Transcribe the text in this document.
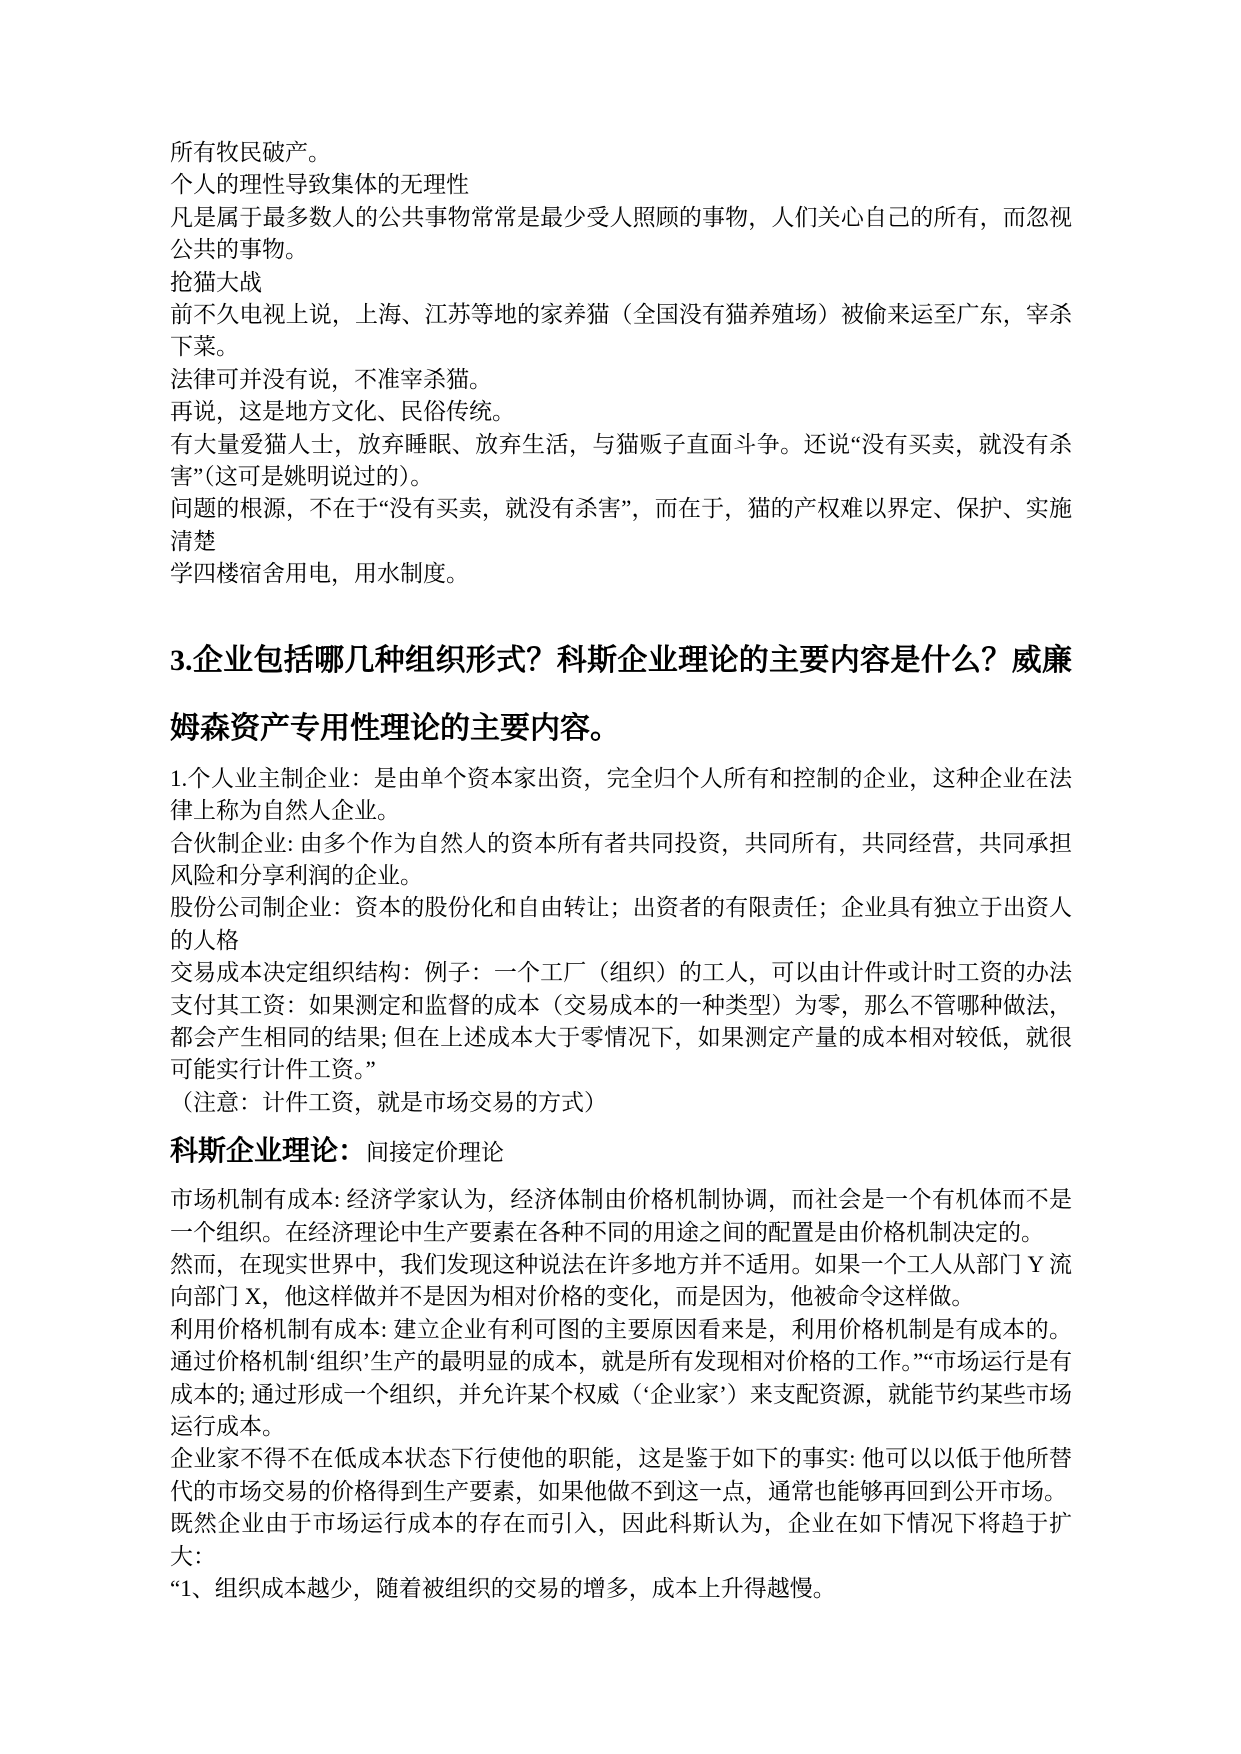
所有牧民破产。

个人的理性导致集体的无理性

凡是属于最多数人的公共事物常常是最少受人照顾的事物，人们关心自己的所有，而忽视公共的事物。

抢猫大战

前不久电视上说，上海、江苏等地的家养猫（全国没有猫养殖场）被偷来运至广东，宰杀下菜。

法律可并没有说，不准宰杀猫。

再说，这是地方文化、民俗传统。

有大量爱猫人士，放弃睡眠、放弃生活，与猫贩子直面斗争。还说“没有买卖，就没有杀害”（这可是姚明说过的）。

问题的根源，不在于“没有买卖，就没有杀害”，而在于，猫的产权难以界定、保护、实施清楚

学四楼宿舍用电，用水制度。

3.企业包括哪几种组织形式？科斯企业理论的主要内容是什么？威廉姆森资产专用性理论的主要内容。

1.个人业主制企业：是由单个资本家出资，完全归个人所有和控制的企业，这种企业在法律上称为自然人企业。

合伙制企业: 由多个作为自然人的资本所有者共同投资，共同所有，共同经营，共同承担风险和分享利润的企业。

股份公司制企业：资本的股份化和自由转让；出资者的有限责任；企业具有独立于出资人的人格

交易成本决定组织结构：例子：一个工厂（组织）的工人，可以由计件或计时工资的办法支付其工资：如果测定和监督的成本（交易成本的一种类型）为零，那么不管哪种做法，都会产生相同的结果; 但在上述成本大于零情况下，如果测定产量的成本相对较低，就很可能实行计件工资。”

（注意：计件工资，就是市场交易的方式）

科斯企业理论：间接定价理论

市场机制有成本: 经济学家认为，经济体制由价格机制协调，而社会是一个有机体而不是一个组织。在经济理论中生产要素在各种不同的用途之间的配置是由价格机制决定的。

然而，在现实世界中，我们发现这种说法在许多地方并不适用。如果一个工人从部门 Y 流向部门 X，他这样做并不是因为相对价格的变化，而是因为，他被命令这样做。

利用价格机制有成本: 建立企业有利可图的主要原因看来是，利用价格机制是有成本的。通过价格机制‘组织’生产的最明显的成本，就是所有发现相对价格的工作。”“市场运行是有成本的; 通过形成一个组织，并允许某个权威（‘企业家’）来支配资源，就能节约某些市场运行成本。

企业家不得不在低成本状态下行使他的职能，这是鉴于如下的事实: 他可以以低于他所替代的市场交易的价格得到生产要素，如果他做不到这一点，通常也能够再回到公开市场。

既然企业由于市场运行成本的存在而引入，因此科斯认为，企业在如下情况下将趋于扩大：

“1、组织成本越少，随着被组织的交易的增多，成本上升得越慢。
